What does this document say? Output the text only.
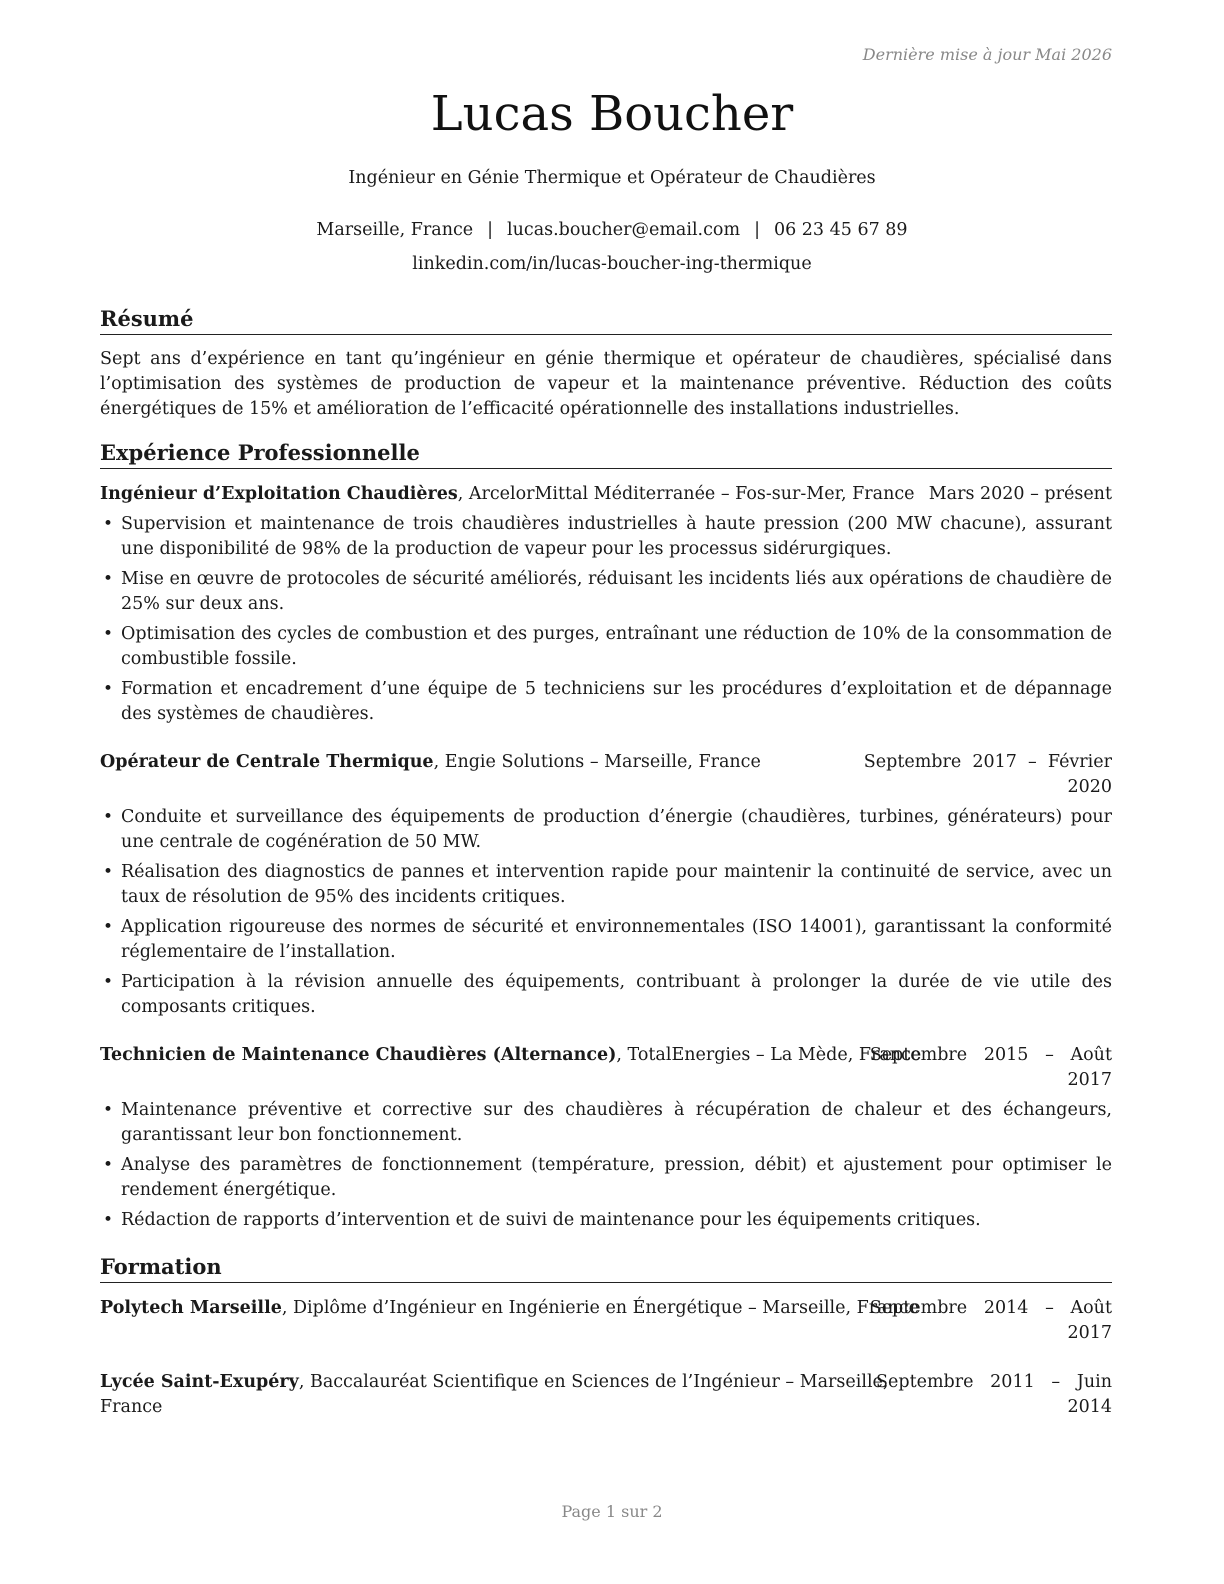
Dernière mise à jour Mai 2026
Lucas Boucher
Ingénieur en Génie Thermique et Opérateur de Chaudières
Marseille, France | lucas.boucher@email.com | 06 23 45 67 89
linkedin.com/in/lucas-boucher-ing-thermique
Résumé
Sept ans d’expérience en tant qu’ingénieur en génie thermique et opérateur de chaudières, spécialisé dans l’optimisation des systèmes de production de vapeur et la maintenance préventive. Réduction des coûts énergétiques de 15% et amélioration de l’efficacité opérationnelle des installations industrielles.
Expérience Professionnelle
Ingénieur d’Exploitation Chaudières, ArcelorMittal Méditerranée – Fos-sur-Mer, France Mars 2020 – présent
• Supervision et maintenance de trois chaudières industrielles à haute pression (200 MW chacune), assurant une disponibilité de 98% de la production de vapeur pour les processus sidérurgiques.
• Mise en œuvre de protocoles de sécurité améliorés, réduisant les incidents liés aux opérations de chaudière de 25% sur deux ans.
• Optimisation des cycles de combustion et des purges, entraînant une réduction de 10% de la consommation de combustible fossile.
• Formation et encadrement d’une équipe de 5 techniciens sur les procédures d’exploitation et de dépannage des systèmes de chaudières.
Opérateur de Centrale Thermique, Engie Solutions – Marseille, France	Septembre  2017  –  Février
2020
• Conduite et surveillance des équipements de production d’énergie (chaudières, turbines, générateurs) pour une centrale de cogénération de 50 MW.
• Réalisation des diagnostics de pannes et intervention rapide pour maintenir la continuité de service, avec un taux de résolution de 95% des incidents critiques.
• Application rigoureuse des normes de sécurité et environnementales (ISO 14001), garantissant la conformité réglementaire de l’installation.
• Participation à la révision annuelle des équipements, contribuant à prolonger la durée de vie utile des composants critiques.
Technicien de Maintenance Chaudières (Alternance), TotalEnergies – La Mède, France
Septembre   2015   –   Août
2017
• Maintenance préventive et corrective sur des chaudières à récupération de chaleur et des échangeurs, garantissant leur bon fonctionnement.
• Analyse des paramètres de fonctionnement (température, pression, débit) et ajustement pour optimiser le rendement énergétique.
• Rédaction de rapports d’intervention et de suivi de maintenance pour les équipements critiques.
Formation
Polytech Marseille, Diplôme d’Ingénieur en Ingénierie en Énergétique – Marseille, France
Septembre   2014   –   Août
2017
Lycée Saint-Exupéry, Baccalauréat Scientifique en Sciences de l’Ingénieur – Marseille,
France
Septembre   2011   –   Juin
2014
Page 1 sur 2
